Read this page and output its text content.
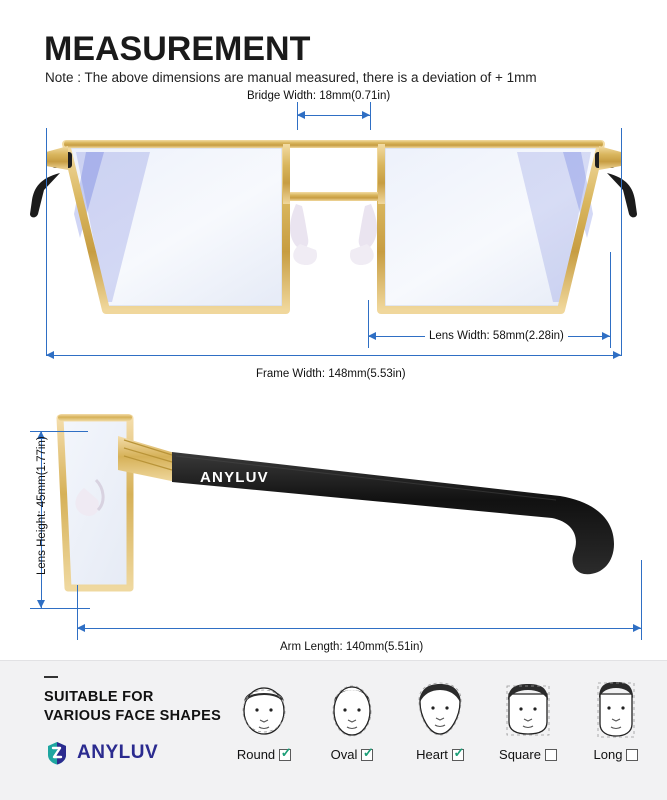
MEASUREMENT
Note : The above dimensions are manual measured, there is a deviation of + 1mm
Bridge Width: 18mm(0.71in)
Lens Width: 58mm(2.28in)
Frame Width: 148mm(5.53in)
ANYLUV
Lens Height: 45mm(1.77in)
Arm Length: 140mm(5.51in)
SUITABLE FOR
VARIOUS FACE SHAPES
ANYLUV	Round ✓	Oval ✓	Heart ✓	Square	Long
